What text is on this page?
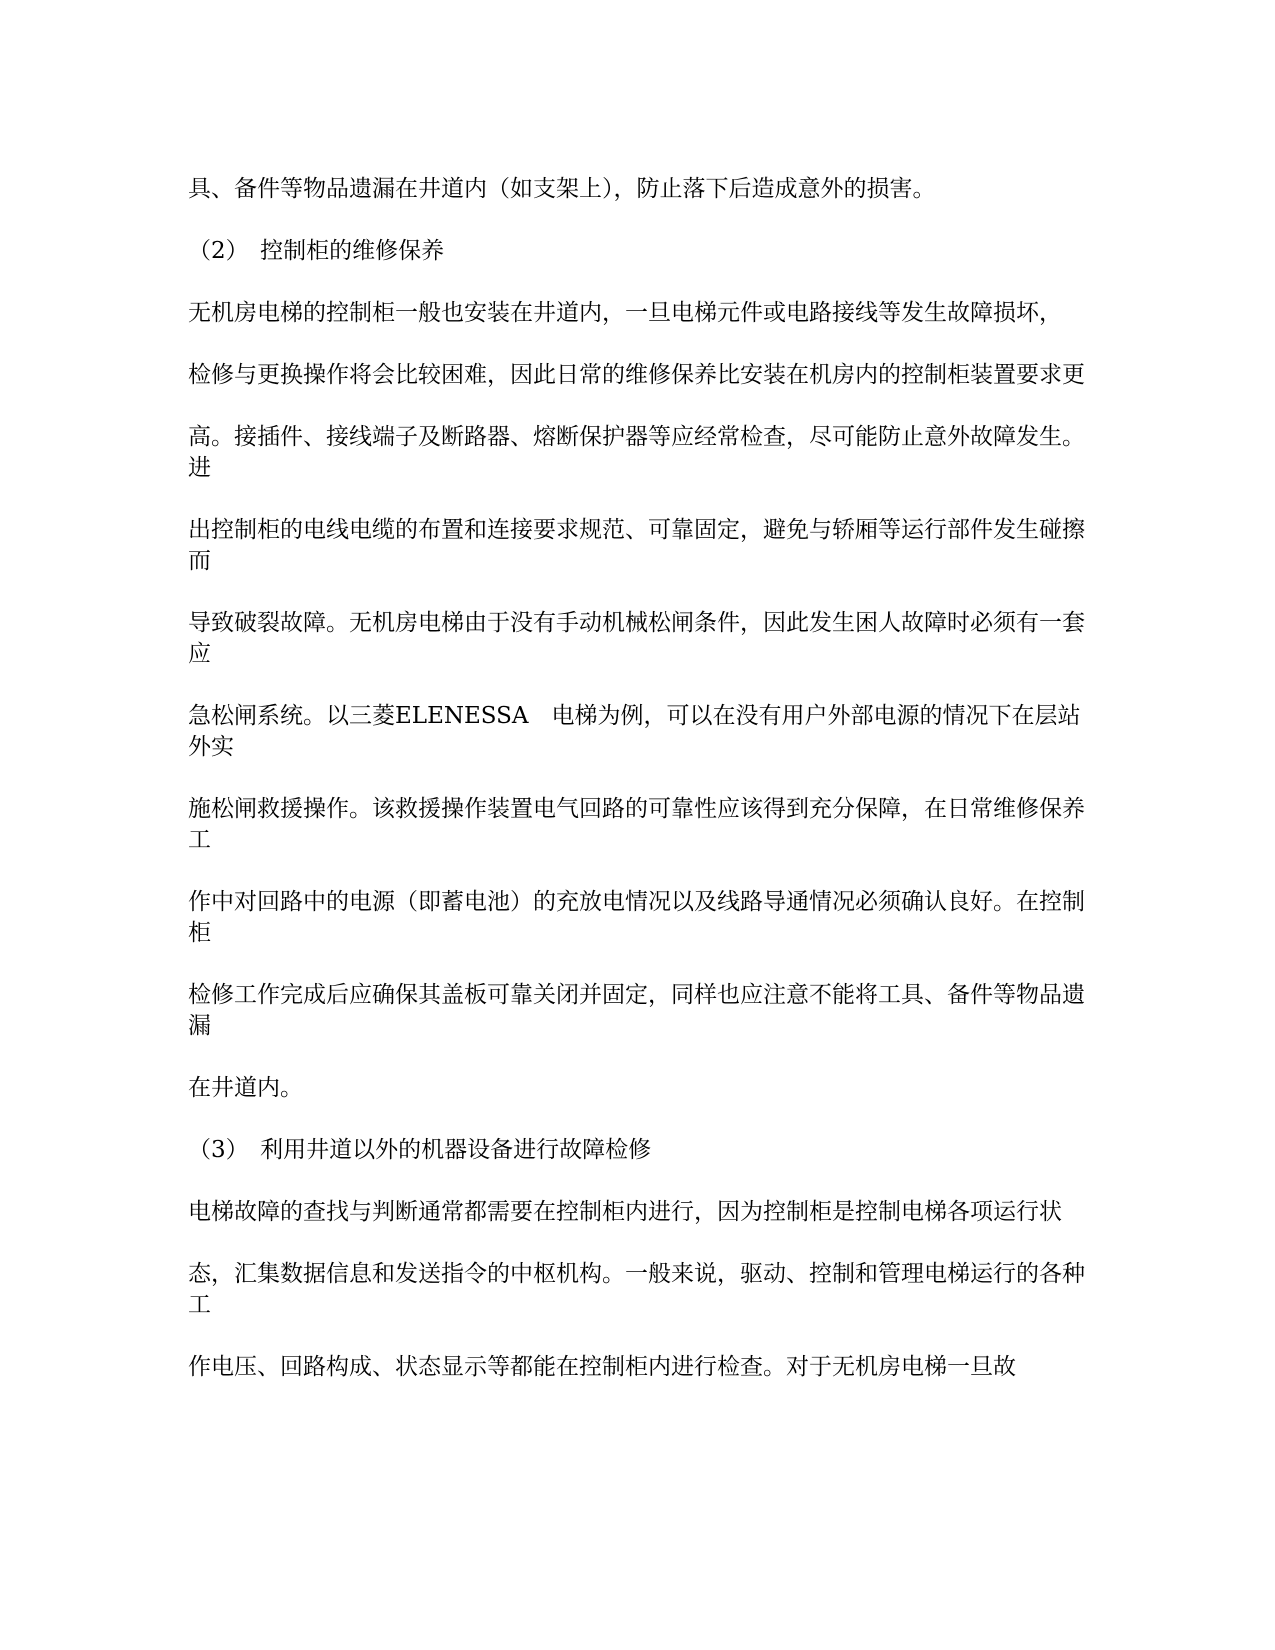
具、备件等物品遗漏在井道内（如支架上），防止落下后造成意外的损害。

（2）　控制柜的维修保养

无机房电梯的控制柜一般也安装在井道内，一旦电梯元件或电路接线等发生故障损坏，

检修与更换操作将会比较困难，因此日常的维修保养比安装在机房内的控制柜装置要求更

高。接插件、接线端子及断路器、熔断保护器等应经常检查，尽可能防止意外故障发生。进

出控制柜的电线电缆的布置和连接要求规范、可靠固定，避免与轿厢等运行部件发生碰擦而

导致破裂故障。无机房电梯由于没有手动机械松闸条件，因此发生困人故障时必须有一套应

急松闸系统。以三菱ELENESSA　电梯为例，可以在没有用户外部电源的情况下在层站外实

施松闸救援操作。该救援操作装置电气回路的可靠性应该得到充分保障，在日常维修保养工

作中对回路中的电源（即蓄电池）的充放电情况以及线路导通情况必须确认良好。在控制柜

检修工作完成后应确保其盖板可靠关闭并固定，同样也应注意不能将工具、备件等物品遗漏

在井道内。

（3）　利用井道以外的机器设备进行故障检修

电梯故障的查找与判断通常都需要在控制柜内进行，因为控制柜是控制电梯各项运行状

态，汇集数据信息和发送指令的中枢机构。一般来说，驱动、控制和管理电梯运行的各种工

作电压、回路构成、状态显示等都能在控制柜内进行检查。对于无机房电梯一旦故
